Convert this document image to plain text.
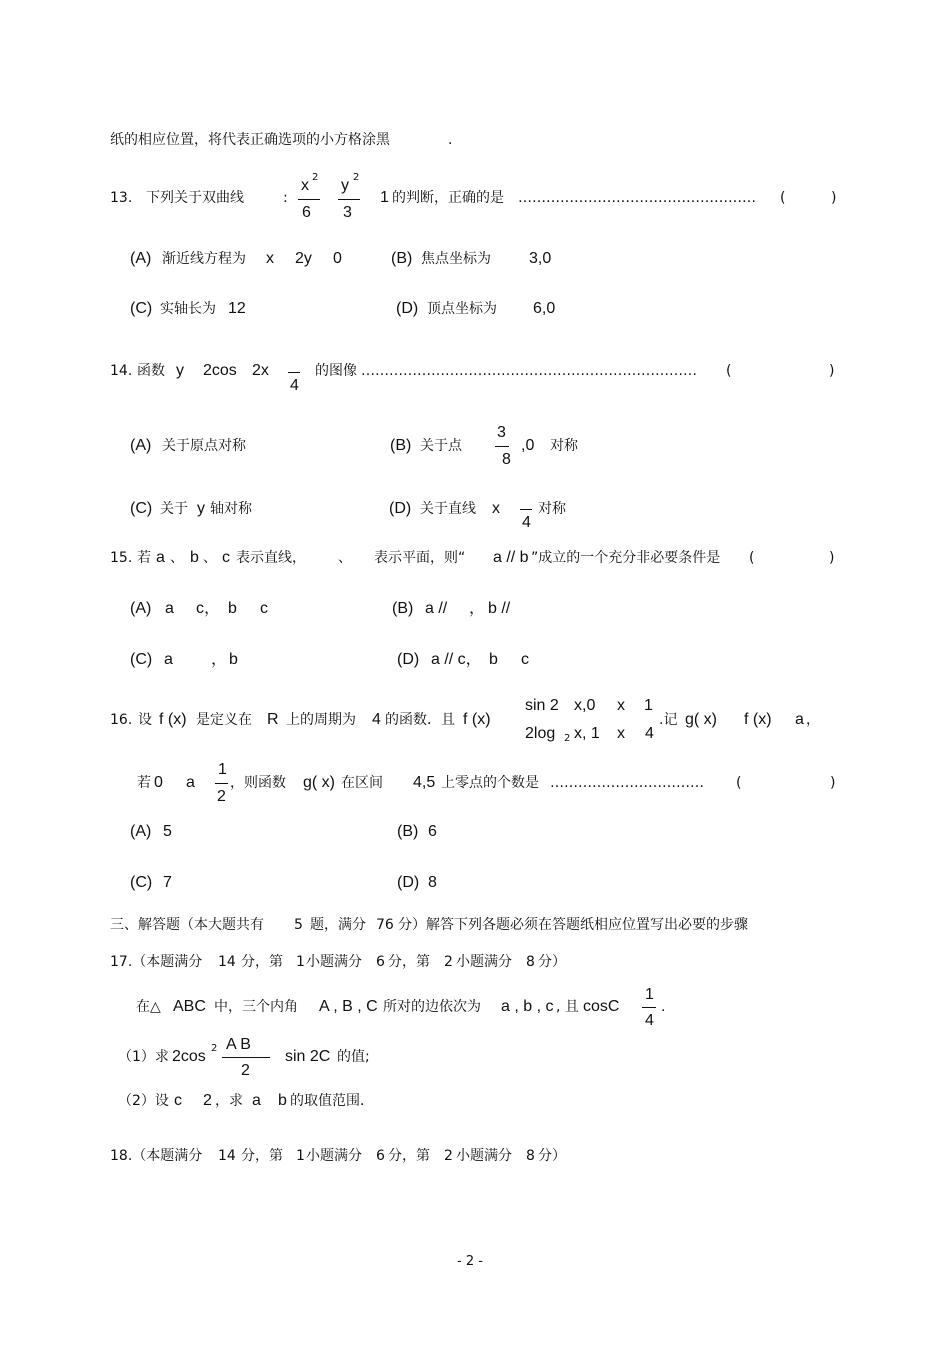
纸的相应位置，将代表正确选项的小方格涂黑	.
13. 下列关于双曲线	:
x 2
6
y 2
3
1 的判断，正确的是 …………………………………………… (	)
(A) 渐近线方程为 x 2y 0	(B) 焦点坐标为 3,0
(C) 实轴长为 12	(D) 顶点坐标为 6,0
14. 函数 y 2cos 2x
4
的图像 ……………………………………………………………… (	)
(A) 关于原点对称	(B) 关于点
3
8
,0 对称
(C) 关于 y 轴对称	(D) 关于直线 x
4
对称
15. 若 a 、 b 、 c 表示直线， 、 表示平面，则“ a // b ”成立的一个充分非必要条件是 (	)
(A) a c， b c	(B) a // ， b //
(C) a ， b	(D) a // c， b c
16. 设 f (x) 是定义在 R 上的周期为 4 的函数．且 f (x)
sin 2 x,0 x 1
2log 2 x, 1 x 4
.记 g( x) f (x) a ，
若 0 a
1
2
，则函数 g( x) 在区间 4,5 上零点的个数是 …………………………… (	)
(A) 5	(B) 6
(C) 7	(D) 8
三、解答题（本大题共有 5 题，满分 76 分）解答下列各题必须在答题纸相应位置写出必要的步骤
17.（本题满分 14 分，第 1 小题满分 6 分，第 2 小题满分 8 分）
在△ ABC 中，三个内角 A , B , C 所对的边依次为 a , b , c , 且 cosC
1
4
.
（1）求 2cos 2 A B
2
sin 2C 的值;
（2）设 c 2 ，求 a b 的取值范围．
18.（本题满分 14 分，第 1 小题满分 6 分，第 2 小题满分 8 分）
- 2 -
